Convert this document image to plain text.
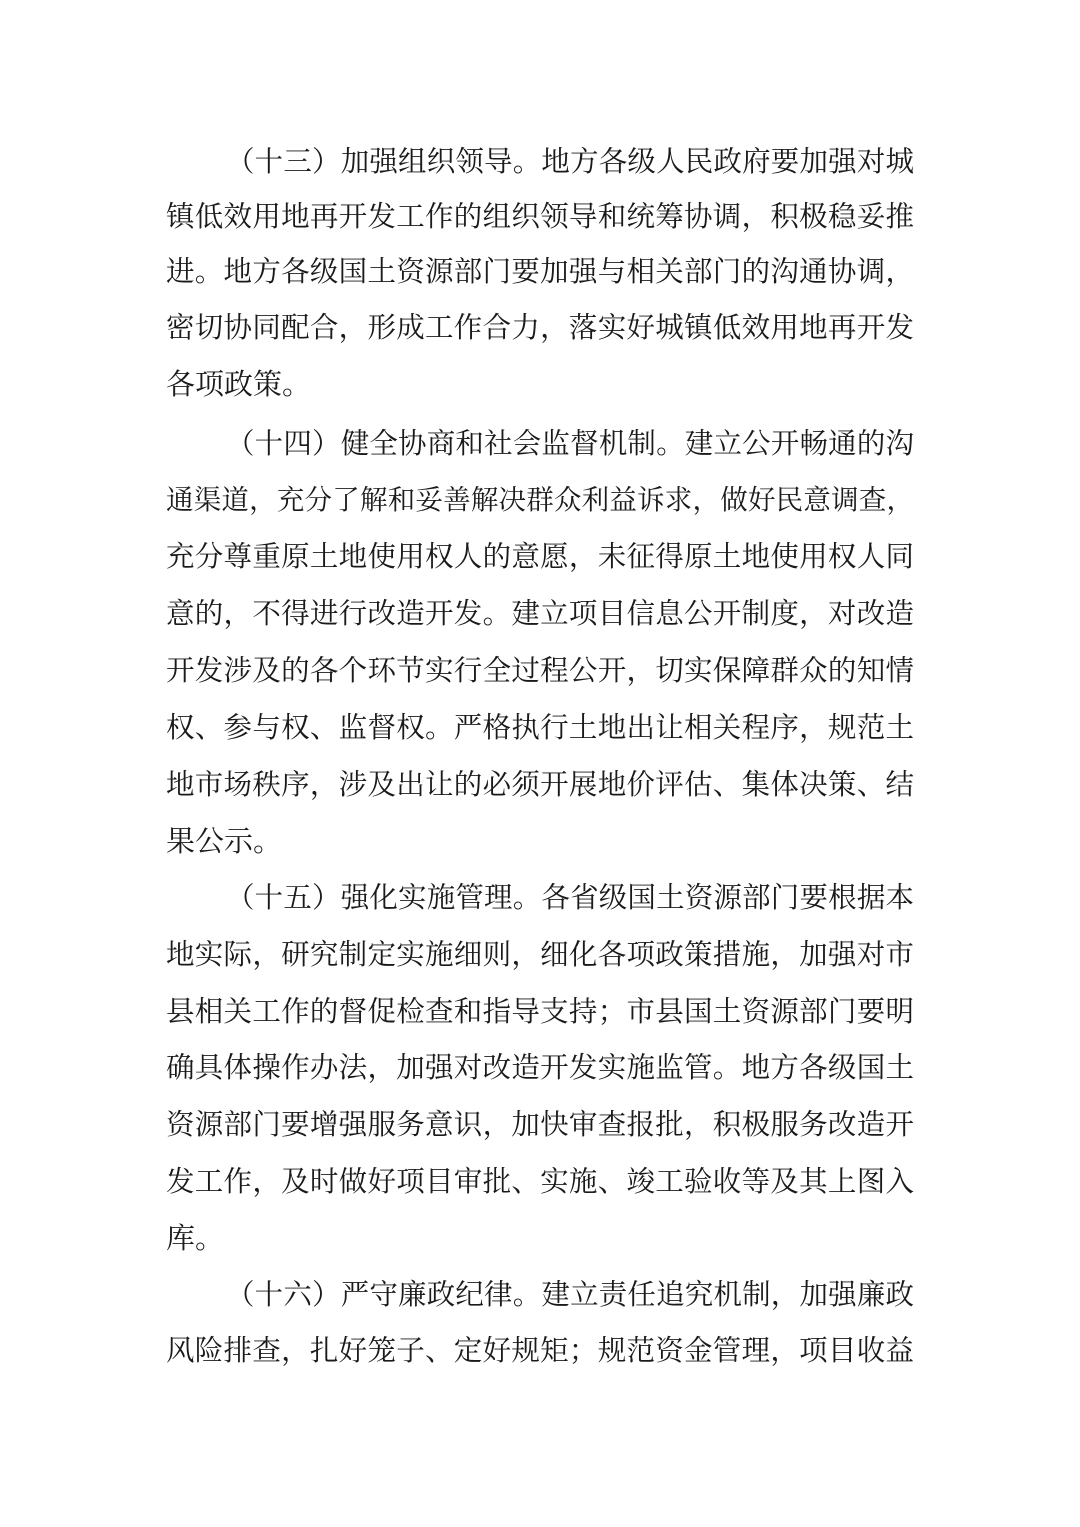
（十三）加强组织领导。地方各级人民政府要加强对城
镇低效用地再开发工作的组织领导和统筹协调，积极稳妥推
进。地方各级国土资源部门要加强与相关部门的沟通协调，
密切协同配合，形成工作合力，落实好城镇低效用地再开发
各项政策。
（十四）健全协商和社会监督机制。建立公开畅通的沟
通渠道，充分了解和妥善解决群众利益诉求，做好民意调查，
充分尊重原土地使用权人的意愿，未征得原土地使用权人同
意的，不得进行改造开发。建立项目信息公开制度，对改造
开发涉及的各个环节实行全过程公开，切实保障群众的知情
权、参与权、监督权。严格执行土地出让相关程序，规范土
地市场秩序，涉及出让的必须开展地价评估、集体决策、结
果公示。
（十五）强化实施管理。各省级国土资源部门要根据本
地实际，研究制定实施细则，细化各项政策措施，加强对市
县相关工作的督促检查和指导支持；市县国土资源部门要明
确具体操作办法，加强对改造开发实施监管。地方各级国土
资源部门要增强服务意识，加快审查报批，积极服务改造开
发工作，及时做好项目审批、实施、竣工验收等及其上图入
库。
（十六）严守廉政纪律。建立责任追究机制，加强廉政
风险排查，扎好笼子、定好规矩；规范资金管理，项目收益
